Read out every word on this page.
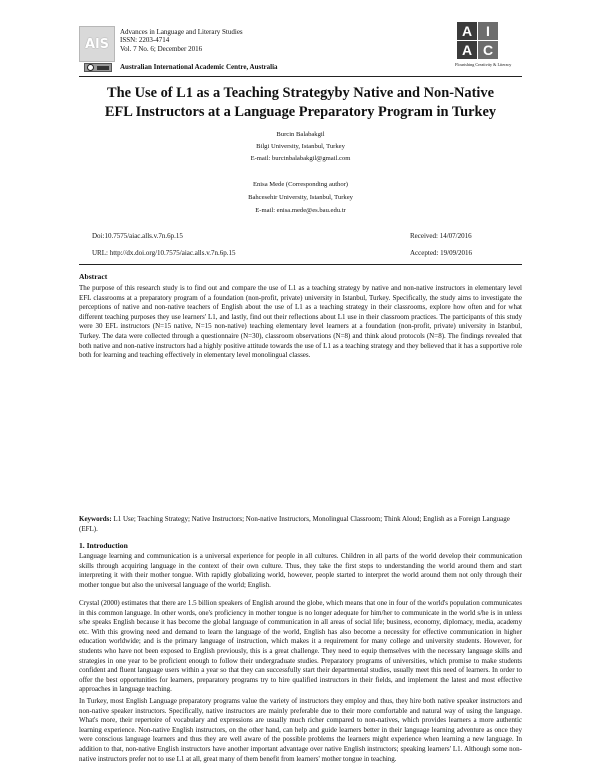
AlS
Advances in Language and Literary Studies
ISSN: 2203-4714
Vol. 7 No. 6; December 2016
Australian International Academic Centre, Australia
A I
A C
Flourishing Creativity & Literacy
The Use of L1 as a Teaching Strategyby Native and Non-Native
EFL Instructors at a Language Preparatory Program in Turkey
Burcin Balabakgil
Bilgi University, Istanbul, Turkey
E-mail: burcinbalabakgil@gmail.com
Enisa Mede (Corresponding author)
Bahcesehir University, Istanbul, Turkey
E-mail: enisa.mede@es.bau.edu.tr
Doi:10.7575/aiac.alls.v.7n.6p.15	Received: 14/07/2016
URL: http://dx.doi.org/10.7575/aiac.alls.v.7n.6p.15	Accepted: 19/09/2016
Abstract

The purpose of this research study is to find out and compare the use of L1 as a teaching strategy by native and non-native instructors in elementary level EFL classrooms at a preparatory program of a foundation (non-profit, private) university in Istanbul, Turkey. Specifically, the study aims to investigate the perceptions of native and non-native teachers of English about the use of L1 as a teaching strategy in their classrooms, explore how often and for what different teaching purposes they use learners' L1, and lastly, find out their reflections about L1 use in their classroom practices. The participants of this study were 30 EFL instructors (N=15 native, N=15 non-native) teaching elementary level learners at a foundation (non-profit, private) university in Istanbul, Turkey. The data were collected through a questionnaire (N=30), classroom observations (N=8) and think aloud protocols (N=8). The findings revealed that both native and non-native instructors had a highly positive attitude towards the use of L1 as a teaching strategy and they believed that it has a supportive role both for learning and teaching effectively in elementary level monolingual classes.

Keywords: L1 Use; Teaching Strategy; Native Instructors; Non-native Instructors, Monolingual Classroom; Think Aloud; English as a Foreign Language (EFL).
1. Introduction

Language learning and communication is a universal experience for people in all cultures. Children in all parts of the world develop their communication skills through acquiring language in the context of their own culture. Thus, they take the first steps to understanding the world around them and start interpreting it with their mother tongue. With rapidly globalizing world, however, people started to interpret the world around them not only through their mother tongue but also the universal language of the world; English.

Crystal (2000) estimates that there are 1.5 billion speakers of English around the globe, which means that one in four of the world's population communicates in this common language. In other words, one's proficiency in mother tongue is no longer adequate for him/her to communicate in the world s/he is in unless s/he speaks English because it has become the global language of communication in all areas of social life; business, economy, diplomacy, media, academy etc. With this growing need and demand to learn the language of the world, English has also become a necessity for effective communication in higher education worldwide; and is the primary language of instruction, which makes it a requirement for many college and university students. However, for students who have not been exposed to English previously, this is a great challenge. They need to equip themselves with the necessary language skills and strategies in one year to be proficient enough to follow their undergraduate studies. Preparatory programs of universities, which promise to make students confident and fluent language users within a year so that they can successfully start their departmental studies, usually meet this need of learners. In order to offer the best opportunities for learners, preparatory programs try to hire qualified instructors in their fields, and implement the latest and most effective approaches in language teaching.

In Turkey, most English Language preparatory programs value the variety of instructors they employ and thus, they hire both native speaker instructors and non-native speaker instructors. Specifically, native instructors are mainly preferable due to their more comfortable and natural way of using the language. What's more, their repertoire of vocabulary and expressions are usually much richer compared to non-natives, which provides learners a more authentic learning experience. Non-native English instructors, on the other hand, can help and guide learners better in their language learning adventure as once they were conscious language learners and thus they are well aware of the possible problems the learners might experience when learning a new language. In addition to that, non-native English instructors have another important advantage over native English instructors; speaking learners' L1. Although some non-native instructors prefer not to use L1 at all, great many of them benefit from learners' mother tongue in teaching.
